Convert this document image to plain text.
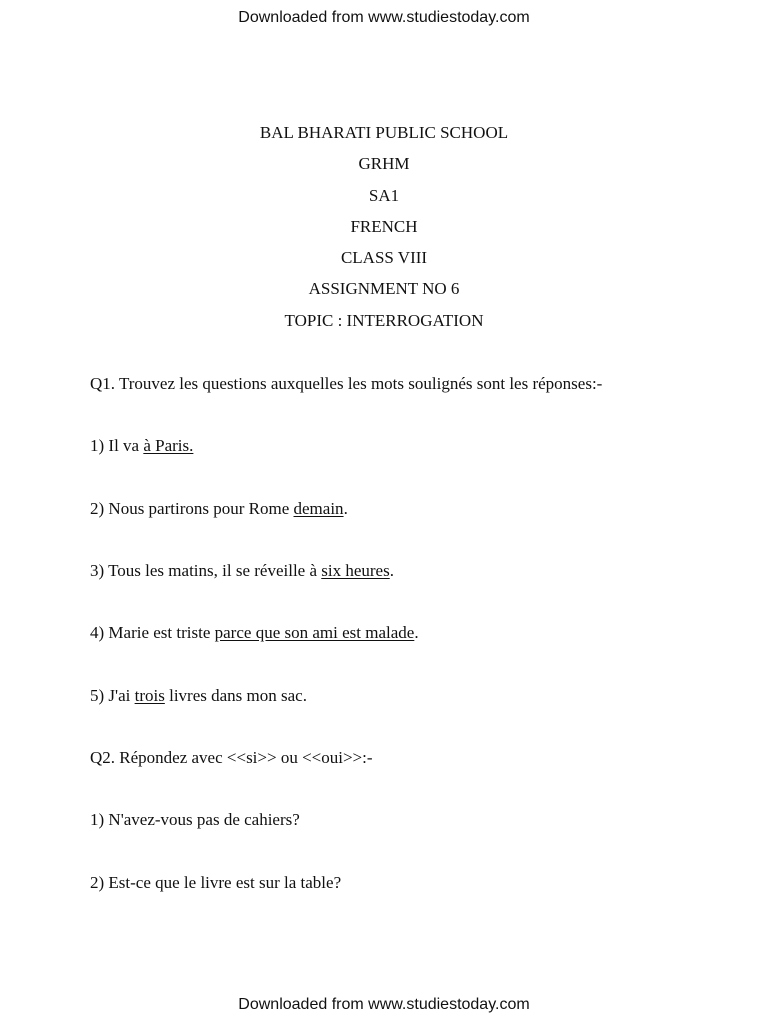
Downloaded from www.studiestoday.com
BAL BHARATI PUBLIC SCHOOL
GRHM
SA1
FRENCH
CLASS VIII
ASSIGNMENT NO 6
TOPIC : INTERROGATION
Q1. Trouvez les questions auxquelles les mots soulignés sont les réponses:-
1) Il va à Paris.
2) Nous partirons pour Rome demain.
3) Tous les matins, il se réveille à six heures.
4) Marie est triste parce que son ami est malade.
5) J'ai trois livres dans mon sac.
Q2. Répondez avec <<si>> ou <<oui>>:-
1) N'avez-vous pas de cahiers?
2) Est-ce que le livre est sur la table?
Downloaded from www.studiestoday.com
